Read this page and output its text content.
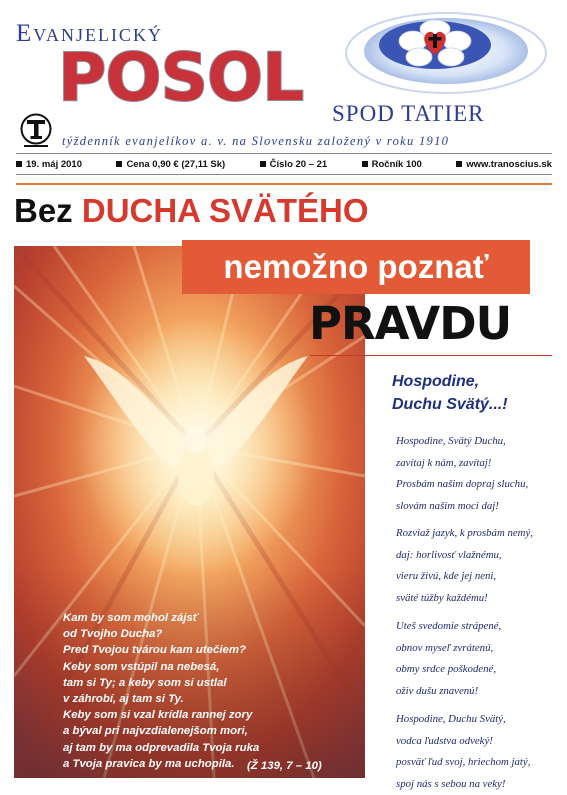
Evanjelický
POSOL SPOD TATIER
týždenník evanjelíkov a. v. na Slovensku založený v roku 1910
19. máj 2010	Cena 0,90 € (27,11 Sk)	Číslo 20 – 21	Ročník 100	www.tranoscius.sk
Kam by som mohol zájsť
od Tvojho Ducha?
Pred Tvojou tvárou kam utečiem?
Keby som vstúpil na nebesá,
tam si Ty; a keby som si ustlal
v záhrobí, aj tam si Ty.
Keby som si vzal krídla rannej zory
a býval pri najvzdialenejšom mori,
aj tam by ma odprevadila Tvoja ruka
a Tvoja pravica by ma uchopila.	(Ž 139, 7 – 10)
Bez DUCHA SVÄTÉHO
nemožno poznať
PRAVDU
Hospodine,
Duchu Svätý...!
Hospodine, Svätý Duchu,
zavítaj k nám, zavítaj!
Prosbám našim dopraj sluchu,
slovám našim moci daj!
Rozviaž jazyk, k prosbám nemý,
daj: horlivosť vlažnému,
vieru živú, kde jej neni,
sväté túžby každému!
Uteš svedomie strápené,
obnov myseľ zvrátenú,
obmy srdce poškodené,
oživ dušu znavenú!
Hospodine, Duchu Svätý,
vodca ľudstva odveký!
posväť ľud svoj, hriechom jatý,
spoj nás s sebou na veky!
